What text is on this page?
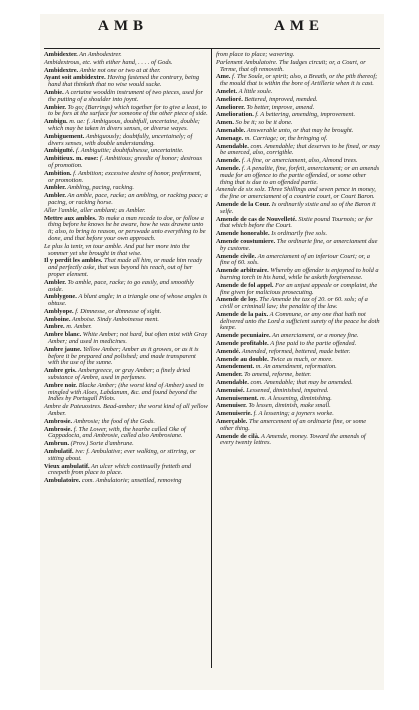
AMB	AME
Ambidexter. An Ambodextrer.
Ambidextrous, etc. with either hand, . . . . of Gods.
Ambidextre. Ambie not one or two at at ther.
Ayant soit ambidextre. Having fastened the contrary, being hand that thinketh that no wise would sucke.
Ambie. A certaine wooddin instrument of two pieces, used for the putting of a shoulder into joynt.
Ambier. To go; (Barrings) which together for to give a least, to to be fors at the surface for someone of the other piece of side.
Ambigu. m. ue: f. Ambiguous, doubtfull, uncertaine, double; which may be taken in divers senses, or diverse wayes.
Ambiguement. Ambiguously; doubtfully, uncertainely; of divers senses, with double understanding.
Ambiguïté. f. Ambiguitie; doubtfulnesse, uncertaintie.
Ambitieux. m. euse: f. Ambitious; greedie of honor; desirous of promotion.
Ambition. f. Ambition; excessive desire of honor, preferment, or promotion.
Ambler. Ambling, pacing, racking.
Ambler. An amble, pace, racke; an ambling, or racking pace; a pacing, or racking horse.
Aller l'amble, aller amblant; as Ambler.
Mettre aux ambles. To make a man recede to doe, or follow a thing before he knows he be aware, how he was drawne unto it; also, to bring to reason, or perswade unto everything to be done, and that before your own approach.
Le plus la tenir, vn tour amble. And put her more into the sommer yet she brought in that wise.
Il y perdit les ambles. That made all him, or made him ready and perfectly aske, that was beyond his reach, out of her proper element.
Ambler. To amble, pace, racke; to go easily, and smoothly aside.
Amblygone. A blunt angle; in a triangle one of whose angles is obtuse.
Amblyope. f. Dimnesse, or dimnesse of sight.
Amboine. Amboise. Sindy Amboinesse ment.
Ambre. m. Amber.
Ambre blanc. White Amber; not hard, but often mixt with Gray Amber; and used in medicines.
Ambre jaune. Yellow Amber; Amber as it growes, or as it is before it be prepared and polished; and made transparent with the use of the sunne.
Ambre gris. Ambergreece, or gray Amber; a finely dried substance of Ambre, used in perfumes.
Ambre noir. Blacke Amber; (the worst kind of Amber) used in mingled with Aloes, Labdanum, &c. and found beyond the Indies by Portugall Pilots.
Ambre de Pateuostres. Bead-amber; the worst kind of all yellow Amber.
Ambrosie. Ambrosie; the food of the Gods.
Ambrosie. f. The Lower, with, the hearbe called Oke of Cappadocia, and Ambrosie, called also Ambrosiane.
Ambrun. (Prov.) Sorte d'ambrune.
Ambulatif. ive: f. Ambulative; ever walking, or stirring, or sitting about.
Vieux ambulatif. An ulcer which continually fretteth and creepeth from place to place.
Ambulatoire. com. Ambulatorie; unsettled, removing
from place to place; wavering.
Parlement Ambulatoire. The Iudges circuit; or, a Court, or Terme, that oft removeth.
Ame. f. The Soule, or spirit; also, a Breath, or the pith thereof; the mould that is within the bore of Artillerie when it is cast.
Amelet. A little soule.
Amelioré. Bettered, improved, mended.
Ameliorer. To better, improve, amend.
Amelioration. f. A bettering, amending, improvement.
Amen. So be it; so be it done.
Amenable. Answerable unto, or that may be brought.
Amenage. m. Carriage; or, the bringing of.
Amendable. com. Amendable; that deserves to be fined, or may be amerced, also, corrigible.
Amende. f. A fine, or amerciament, also, Almond trees.
Amende. f. A penaltie, fine, forfeit, amerciament; or an amends made for an offence to the partie offended, or some other thing that is due to an offended partie.
Amende de six solz. Three Shillings and seven pence in money, the fine or amerciament of a countrie court, or Court Baron.
Amende de la Cour. Is ordinarily sixtie and so of the Baron it selfe.
Amende de cas de Nouvelleté. Sixtie pound Tournois; or for that which before the Court.
Amende honorable. Is ordinarily five sols.
Amende coustumiere. The ordinarie fine, or amerciament due by custome.
Amende civile. An amerciament of an inferiour Court; or, a fine of 60. sols.
Amende arbitraire. Whereby an offender is enjoyned to hold a burning torch in his hand, while he asketh forgivenesse.
Amende de fol appel. For an unjust appeale or complaint, the fine given for malicious prosecuting.
Amende de loy. The Amende the tax of 20. or 60. sols; of a civill or criminall law; the penaltie of the law.
Amende de la paix. A Commune, or any one that hath not delivered unto the Lord a sufficient surety of the peace he doth keepe.
Amende pecuniaire. An amerciament, or a money fine.
Amende profitable. A fine paid to the partie offended.
Amendé. Amended, reformed, bettered, made better.
Amende au double. Twice as much, or more.
Amendement. m. An amendment, reformation.
Amender. To amend, reforme, better.
Amendable. com. Amendable; that may be amended.
Amenuisé. Lessened, diminished, impaired.
Amenuisement. m. A lessening, diminishing.
Amenuiser. To lessen, diminish, make small.
Amenuiserie. f. A lessening; a joyners worke.
Amerçable. The amercement of an ordinarie fine, or some other thing.
Amende de cilà. A Amende, money. Toward the amends of every twenty lettres.
